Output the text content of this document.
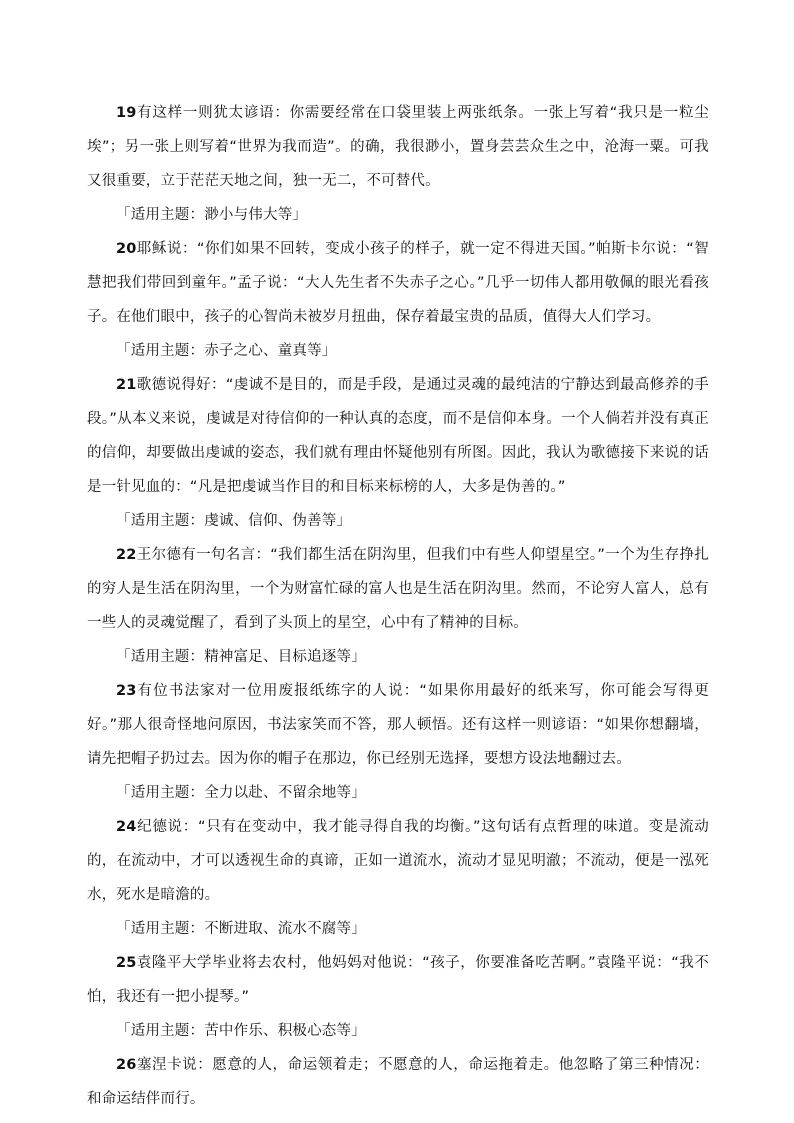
19有这样一则犹太谚语：你需要经常在口袋里装上两张纸条。一张上写着“我只是一粒尘埃”；另一张上则写着“世界为我而造”。的确，我很渺小，置身芸芸众生之中，沧海一粟。可我又很重要，立于茫茫天地之间，独一无二，不可替代。

「适用主题：渺小与伟大等」

20耶稣说：“你们如果不回转，变成小孩子的样子，就一定不得进天国。”帕斯卡尔说：“智慧把我们带回到童年。”孟子说：“大人先生者不失赤子之心。”几乎一切伟人都用敬佩的眼光看孩子。在他们眼中，孩子的心智尚未被岁月扭曲，保存着最宝贵的品质，值得大人们学习。

「适用主题：赤子之心、童真等」

21歌德说得好：“虔诚不是目的，而是手段，是通过灵魂的最纯洁的宁静达到最高修养的手段。”从本义来说，虔诚是对待信仰的一种认真的态度，而不是信仰本身。一个人倘若并没有真正的信仰，却要做出虔诚的姿态，我们就有理由怀疑他别有所图。因此，我认为歌德接下来说的话是一针见血的：“凡是把虔诚当作目的和目标来标榜的人，大多是伪善的。”

「适用主题：虔诚、信仰、伪善等」

22王尔德有一句名言：“我们都生活在阴沟里，但我们中有些人仰望星空。”一个为生存挣扎的穷人是生活在阴沟里，一个为财富忙碌的富人也是生活在阴沟里。然而，不论穷人富人，总有一些人的灵魂觉醒了，看到了头顶上的星空，心中有了精神的目标。

「适用主题：精神富足、目标追逐等」

23有位书法家对一位用废报纸练字的人说：“如果你用最好的纸来写，你可能会写得更好。”那人很奇怪地问原因，书法家笑而不答，那人顿悟。还有这样一则谚语：“如果你想翻墙，请先把帽子扔过去。因为你的帽子在那边，你已经别无选择，要想方设法地翻过去。

「适用主题：全力以赴、不留余地等」

24纪德说：“只有在变动中，我才能寻得自我的均衡。”这句话有点哲理的味道。变是流动的，在流动中，才可以透视生命的真谛，正如一道流水，流动才显见明澈；不流动，便是一泓死水，死水是暗澹的。

「适用主题：不断进取、流水不腐等」

25袁隆平大学毕业将去农村，他妈妈对他说：“孩子，你要准备吃苦啊。”袁隆平说：“我不怕，我还有一把小提琴。”

「适用主题：苦中作乐、积极心态等」

26塞涅卡说：愿意的人，命运领着走；不愿意的人，命运拖着走。他忽略了第三种情况：和命运结伴而行。
